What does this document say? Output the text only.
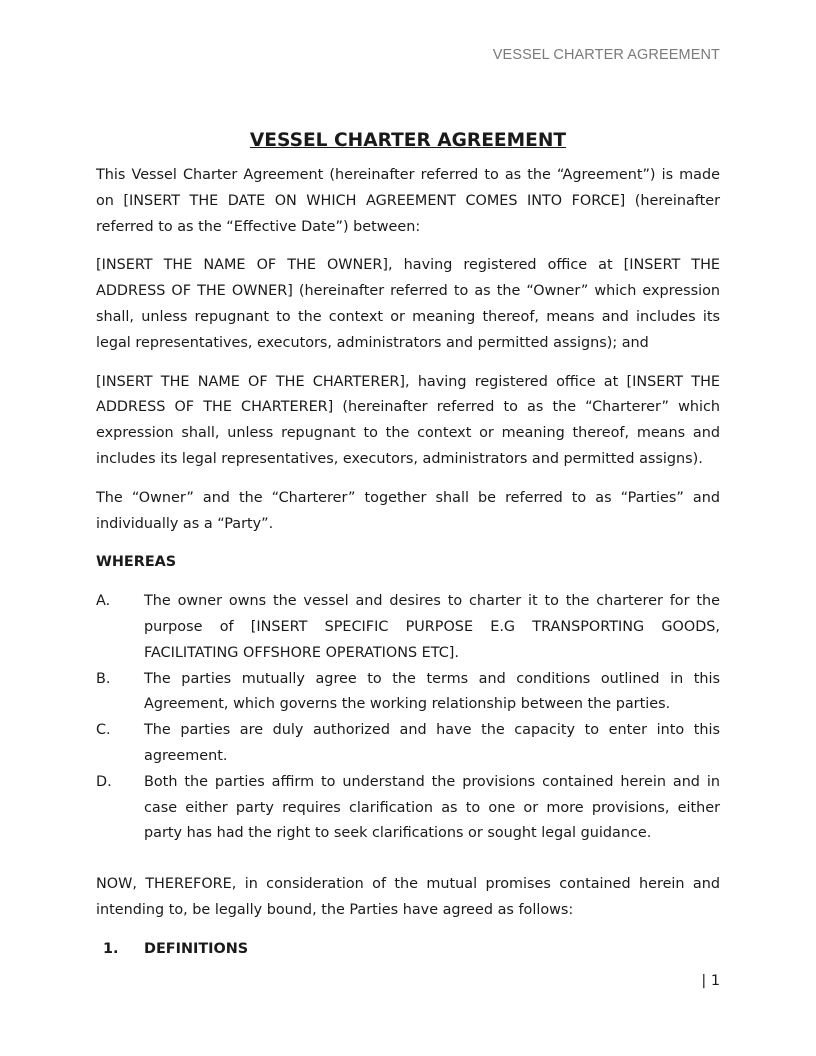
VESSEL CHARTER AGREEMENT
VESSEL CHARTER AGREEMENT

This Vessel Charter Agreement (hereinafter referred to as the “Agreement”) is made on [INSERT THE DATE ON WHICH AGREEMENT COMES INTO FORCE] (hereinafter referred to as the “Effective Date”) between:

[INSERT THE NAME OF THE OWNER], having registered office at [INSERT THE ADDRESS OF THE OWNER] (hereinafter referred to as the “Owner” which expression shall, unless repugnant to the context or meaning thereof, means and includes its legal representatives, executors, administrators and permitted assigns); and

[INSERT THE NAME OF THE CHARTERER], having registered office at [INSERT THE ADDRESS OF THE CHARTERER] (hereinafter referred to as the “Charterer” which expression shall, unless repugnant to the context or meaning thereof, means and includes its legal representatives, executors, administrators and permitted assigns).

The “Owner” and the “Charterer” together shall be referred to as “Parties” and individually as a “Party”.

WHEREAS
A.	The owner owns the vessel and desires to charter it to the charterer for the purpose of [INSERT SPECIFIC PURPOSE E.G TRANSPORTING GOODS, FACILITATING OFFSHORE OPERATIONS ETC].
B.	The parties mutually agree to the terms and conditions outlined in this Agreement, which governs the working relationship between the parties.
C.	The parties are duly authorized and have the capacity to enter into this agreement.
D.	Both the parties affirm to understand the provisions contained herein and in case either party requires clarification as to one or more provisions, either party has had the right to seek clarifications or sought legal guidance.

NOW, THEREFORE, in consideration of the mutual promises contained herein and intending to, be legally bound, the Parties have agreed as follows:

1.	DEFINITIONS
| 1
